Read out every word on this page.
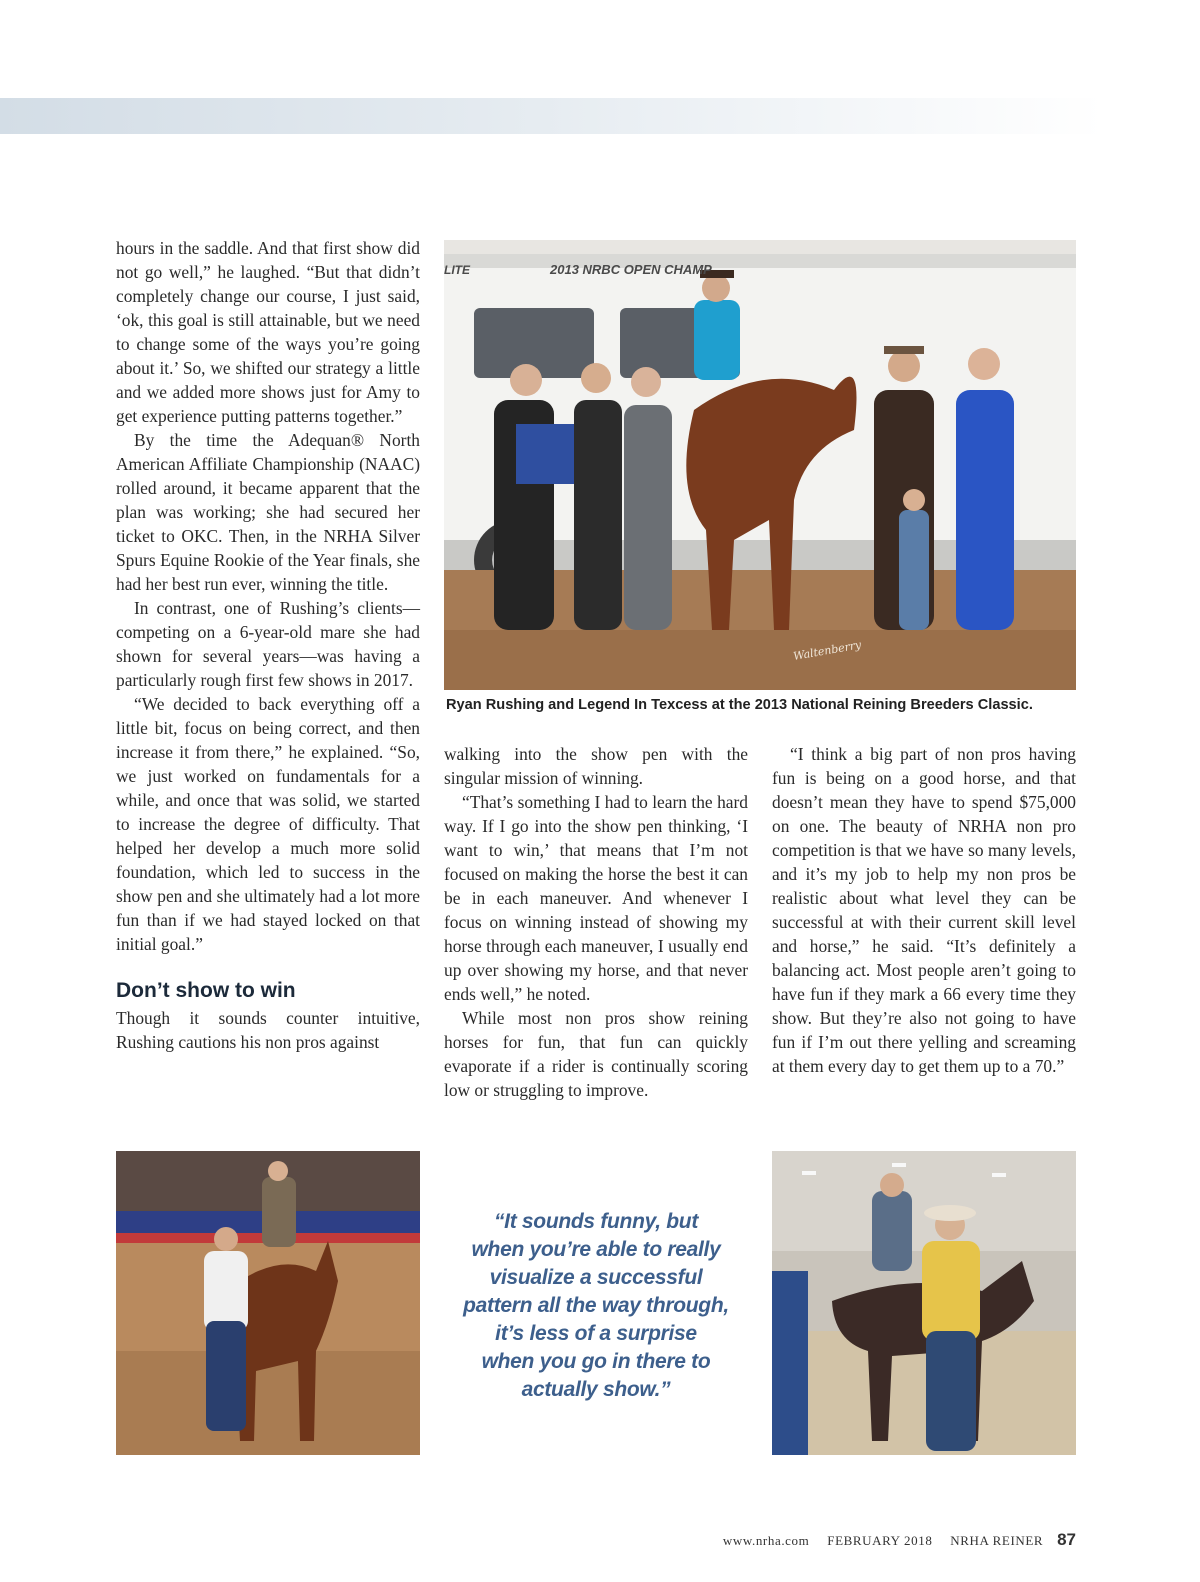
2013 NRBC OPEN CHAMP
LITE
Waltenberry
Ryan Rushing and Legend In Texcess at the 2013 National Reining Breeders Classic.

hours in the saddle. And that first show did not go well,” he laughed. “But that didn’t completely change our course, I just said, ‘ok, this goal is still attainable, but we need to change some of the ways you’re going about it.’ So, we shifted our strategy a little and we added more shows just for Amy to get experience putting patterns together.”

By the time the Adequan® North American Affiliate Championship (NAAC) rolled around, it became apparent that the plan was working; she had secured her ticket to OKC. Then, in the NRHA Silver Spurs Equine Rookie of the Year finals, she had her best run ever, winning the title.

In contrast, one of Rushing’s clients—competing on a 6-year-old mare she had shown for several years—was having a particularly rough first few shows in 2017.

“We decided to back everything off a little bit, focus on being correct, and then increase it from there,” he explained. “So, we just worked on fundamentals for a while, and once that was solid, we started to increase the degree of difficulty. That helped her develop a much more solid foundation, which led to success in the show pen and she ultimately had a lot more fun than if we had stayed locked on that initial goal.”

Don’t show to win

Though it sounds counter intuitive, Rushing cautions his non pros against

walking into the show pen with the singular mission of winning.

“That’s something I had to learn the hard way. If I go into the show pen thinking, ‘I want to win,’ that means that I’m not focused on making the horse the best it can be in each maneuver. And whenever I focus on winning instead of showing my horse through each maneuver, I usually end up over showing my horse, and that never ends well,” he noted.

While most non pros show reining horses for fun, that fun can quickly evaporate if a rider is continually scoring low or struggling to improve.

“I think a big part of non pros having fun is being on a good horse, and that doesn’t mean they have to spend $75,000 on one. The beauty of NRHA non pro competition is that we have so many levels, and it’s my job to help my non pros be realistic about what level they can be successful at with their current skill level and horse,” he said. “It’s definitely a balancing act. Most people aren’t going to have fun if they mark a 66 every time they show. But they’re also not going to have fun if I’m out there yelling and screaming at them every day to get them up to a 70.”

“It sounds funny, but
when you’re able to really
visualize a successful
pattern all the way through,
it’s less of a surprise
when you go in there to
actually show.”
www.nrha.com FEBRUARY 2018 NRHA REINER 87
